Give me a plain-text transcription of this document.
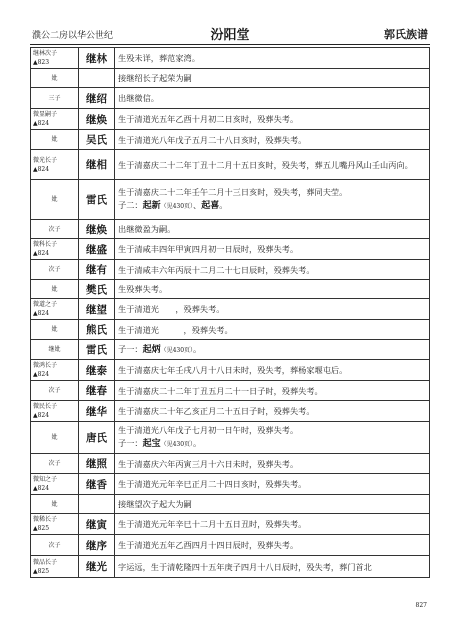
濮公二房以华公世纪	汾阳堂	郭氏族谱
继林次子
▲823	继林	生殁未详，葬范家湾。

妣		接继绍长子起荣为嗣

三子	继绍	出继微信。

微显嗣子
▲824	继焕	生于清道光五年乙酉十月初二日亥时，殁葬失考。

妣	吴氏	生于清道光八年戊子五月二十八日亥时，殁葬失考。

微光长子
▲824	继相	生于清嘉庆二十二年丁丑十二月十五日亥时，殁失考，葬五儿嘴丹风山壬山丙向。

妣	雷氏	生于清嘉庆二十二年壬午二月十三日亥时，殁失考，葬同夫茔。
子二：起新（见430页）、起喜。

次子	继焕	出继微盈为嗣。

微科长子
▲824	继盛	生于清咸丰四年甲寅四月初一日辰时，殁葬失考。

次子	继有	生于清咸丰六年丙辰十二月二十七日辰时，殁葬失考。

妣	樊氏	生殁葬失考。

微道之子
▲824	继望	生于清道光　　，殁葬失考。

妣	熊氏	生于清道光　　　，殁葬失考。

继妣	雷氏	子一：起炳（见430页）。

微鸿长子
▲824	继泰	生于清嘉庆七年壬戌八月十八日未时，殁失考，葬杨家堰屯后。

次子	继春	生于清嘉庆二十二年丁丑五月二十一日子时，殁葬失考。

微民长子
▲824	继华	生于清嘉庆二十年乙亥正月二十五日子时，殁葬失考。

妣	唐氏	生于清道光八年戊子七月初一日午时，殁葬失考。
子一：起宝（见430页）。

次子	继照	生于清嘉庆六年丙寅三月十六日未时，殁葬失考。

微知之子
▲824	继香	生于清道光元年辛巳正月二十四日亥时，殁葬失考。

妣		接继望次子起大为嗣

微稀长子
▲825	继寅	生于清道光元年辛巳十二月十五日丑时，殁葬失考。

次子	继序	生于清道光五年乙酉四月十四日辰时，殁葬失考。

微品长子
▲825	继光	字运远，生于清乾隆四十五年庚子四月十八日辰时，殁失考，葬门首北
827
